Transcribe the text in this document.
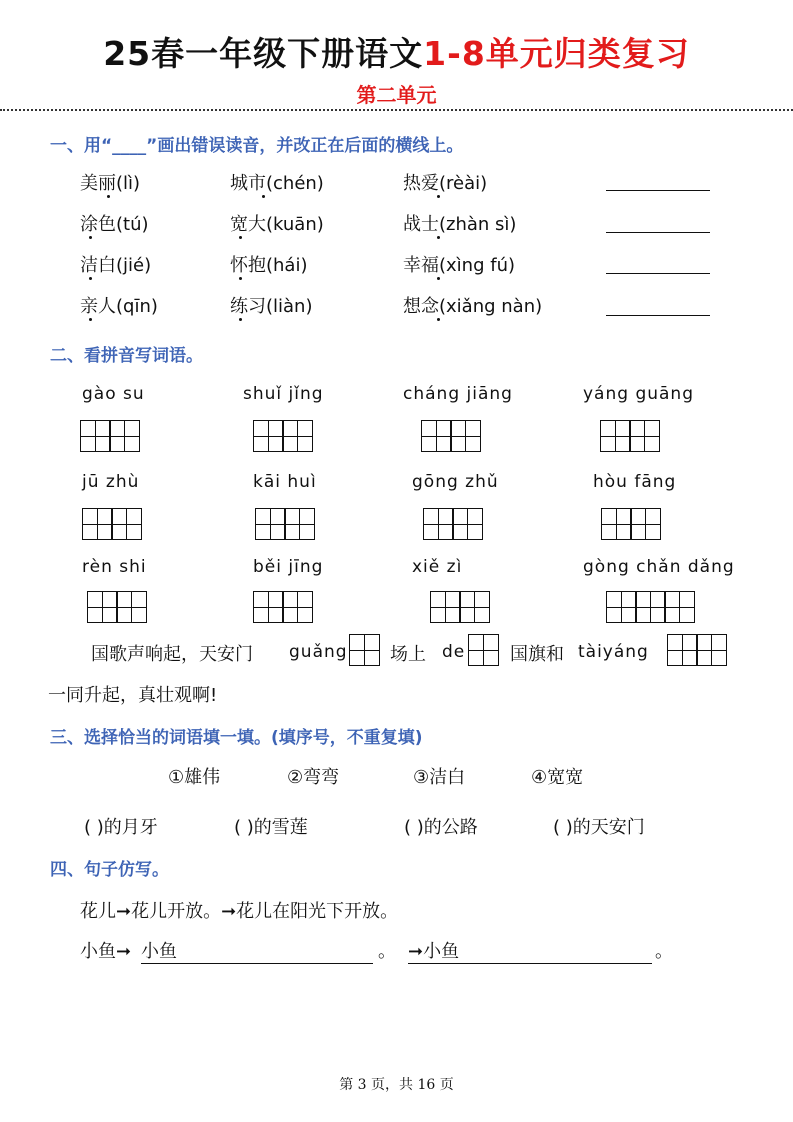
25春一年级下册语文1-8单元归类复习
第二单元
一、用“____”画出错误读音，并改正在后面的横线上。
美丽(lì)	城市(chén)	热爱(rèài)
涂色(tú)	宽大(kuān)	战士(zhàn sì)
洁白(jié)	怀抱(hái)	幸福(xìng fú)
亲人(qīn)	练习(liàn)	想念(xiǎng nàn)
二、看拼音写词语。
gào su	shuǐ jǐng	cháng jiāng	yáng guāng
jū zhù	kāi huì	gōng zhǔ	hòu fāng
rèn shi	běi jīng	xiě zì	gòng chǎn dǎng
国歌声响起，天安门 guǎng 场上 de 国旗和 tàiyáng
一同升起，真壮观啊!
三、选择恰当的词语填一填。(填序号，不重复填)
①雄伟	②弯弯	③洁白	④宽宽
( )的月牙	( )的雪莲	( )的公路	( )的天安门
四、句子仿写。
花儿➞花儿开放。➞花儿在阳光下开放。
小鱼➞ 小鱼	。 ➞小鱼	。
第 3 页，共 16 页
